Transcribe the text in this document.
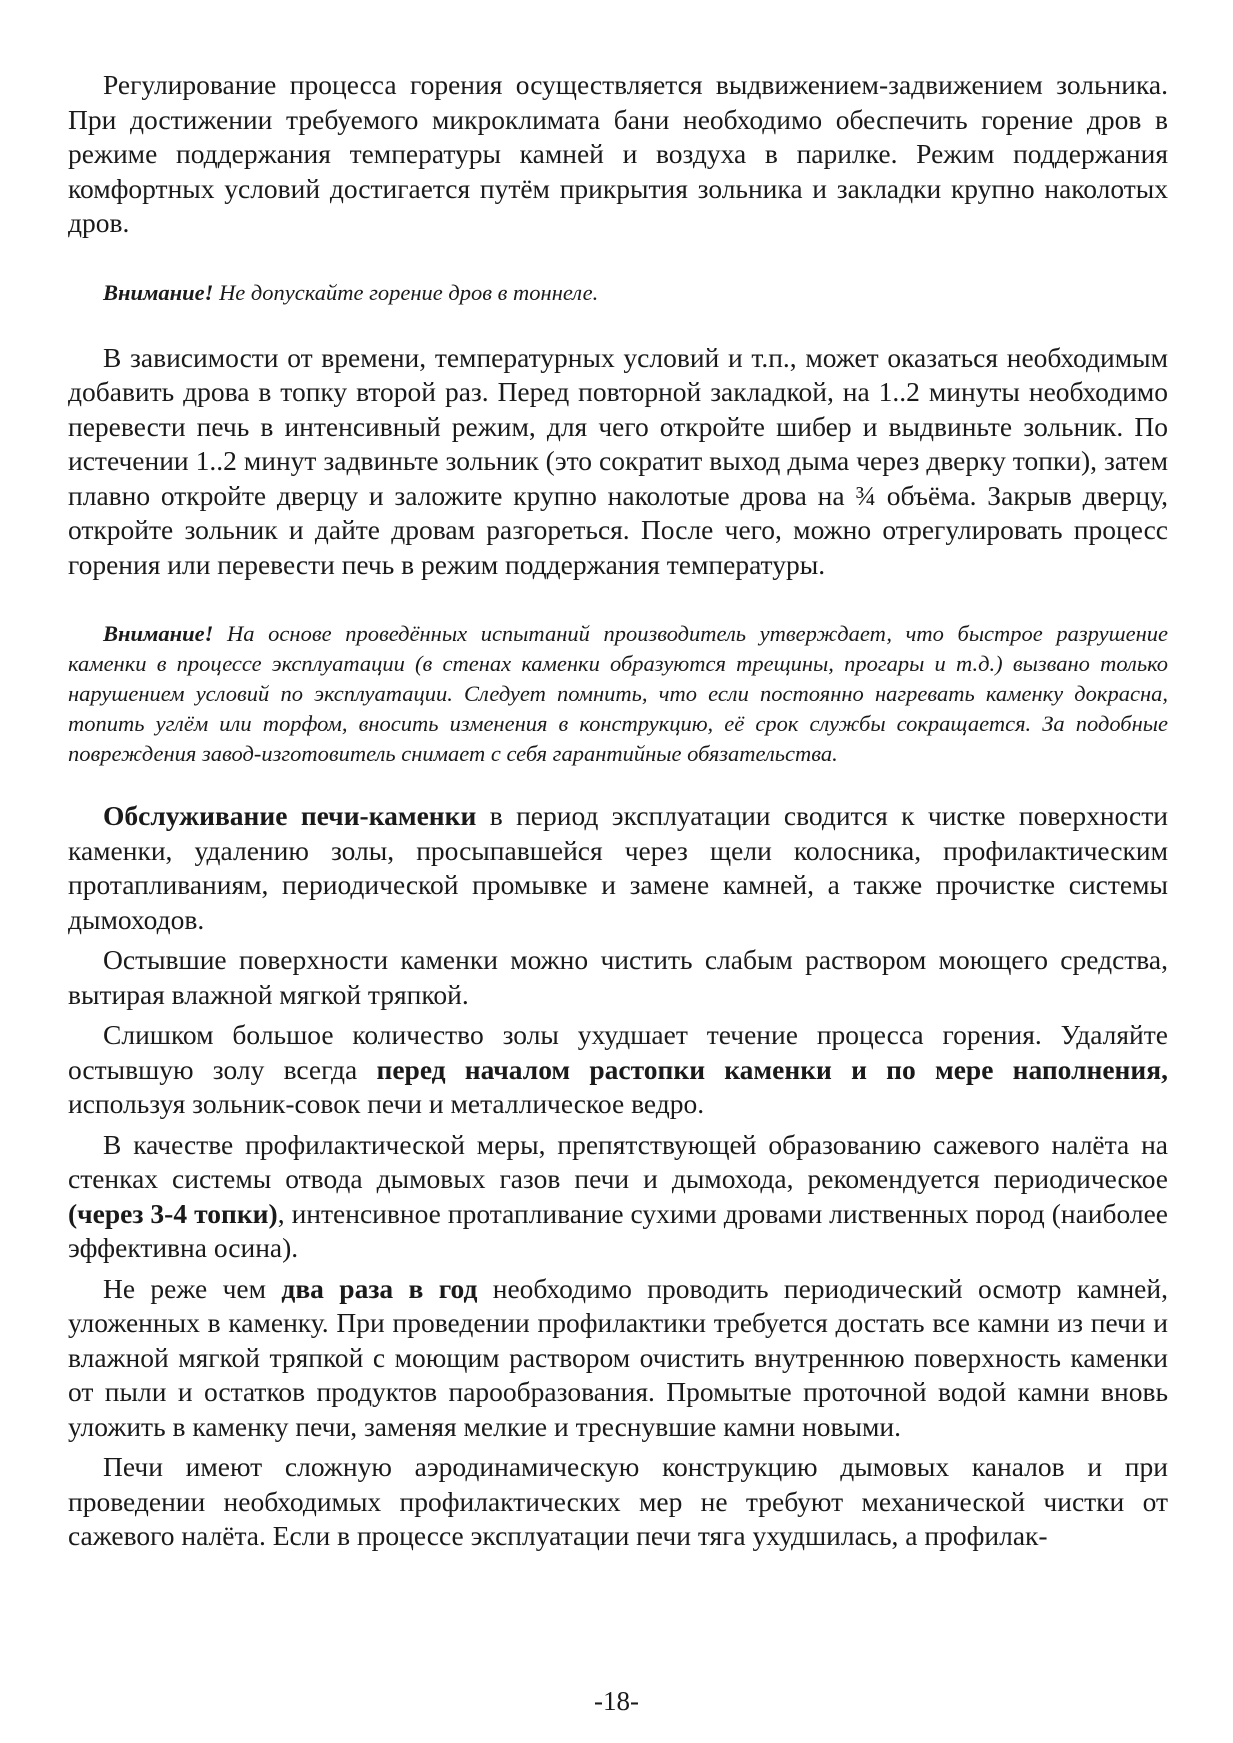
Регулирование процесса горения осуществляется выдвижением-задвижением зольника. При достижении требуемого микроклимата бани необходимо обеспечить горение дров в режиме поддержания температуры камней и воздуха в парилке. Режим поддержания комфортных условий достигается путём прикрытия зольника и закладки крупно наколотых дров.

Внимание! Не допускайте горение дров в тоннеле.

В зависимости от времени, температурных условий и т.п., может оказаться необходимым добавить дрова в топку второй раз. Перед повторной закладкой, на 1..2 минуты необходимо перевести печь в интенсивный режим, для чего откройте шибер и выдвиньте зольник. По истечении 1..2 минут задвиньте зольник (это сократит выход дыма через дверку топки), затем плавно откройте дверцу и заложите крупно наколотые дрова на ¾ объёма. Закрыв дверцу, откройте зольник и дайте дровам разгореться. После чего, можно отрегулировать процесс горения или перевести печь в режим поддержания температуры.

Внимание! На основе проведённых испытаний производитель утверждает, что быстрое разрушение каменки в процессе эксплуатации (в стенах каменки образуются трещины, прогары и т.д.) вызвано только нарушением условий по эксплуатации. Следует помнить, что если постоянно нагревать каменку докрасна, топить углём или торфом, вносить изменения в конструкцию, её срок службы сокращается. За подобные повреждения завод-изготовитель снимает с себя гарантийные обязательства.

Обслуживание печи-каменки в период эксплуатации сводится к чистке поверхности каменки, удалению золы, просыпавшейся через щели колосника, профилактическим протапливаниям, периодической промывке и замене камней, а также прочистке системы дымоходов.

Остывшие поверхности каменки можно чистить слабым раствором моющего средства, вытирая влажной мягкой тряпкой.

Слишком большое количество золы ухудшает течение процесса горения. Удаляйте остывшую золу всегда перед началом растопки каменки и по мере наполнения, используя зольник-совок печи и металлическое ведро.

В качестве профилактической меры, препятствующей образованию сажевого налёта на стенках системы отвода дымовых газов печи и дымохода, рекомендуется периодическое (через 3-4 топки), интенсивное протапливание сухими дровами лиственных пород (наиболее эффективна осина).

Не реже чем два раза в год необходимо проводить периодический осмотр камней, уложенных в каменку. При проведении профилактики требуется достать все камни из печи и влажной мягкой тряпкой с моющим раствором очистить внутреннюю поверхность каменки от пыли и остатков продуктов парообразования. Промытые проточной водой камни вновь уложить в каменку печи, заменяя мелкие и треснувшие камни новыми.

Печи имеют сложную аэродинамическую конструкцию дымовых каналов и при проведении необходимых профилактических мер не требуют механической чистки от сажевого налёта. Если в процессе эксплуатации печи тяга ухудшилась, а профилак-

-18-
